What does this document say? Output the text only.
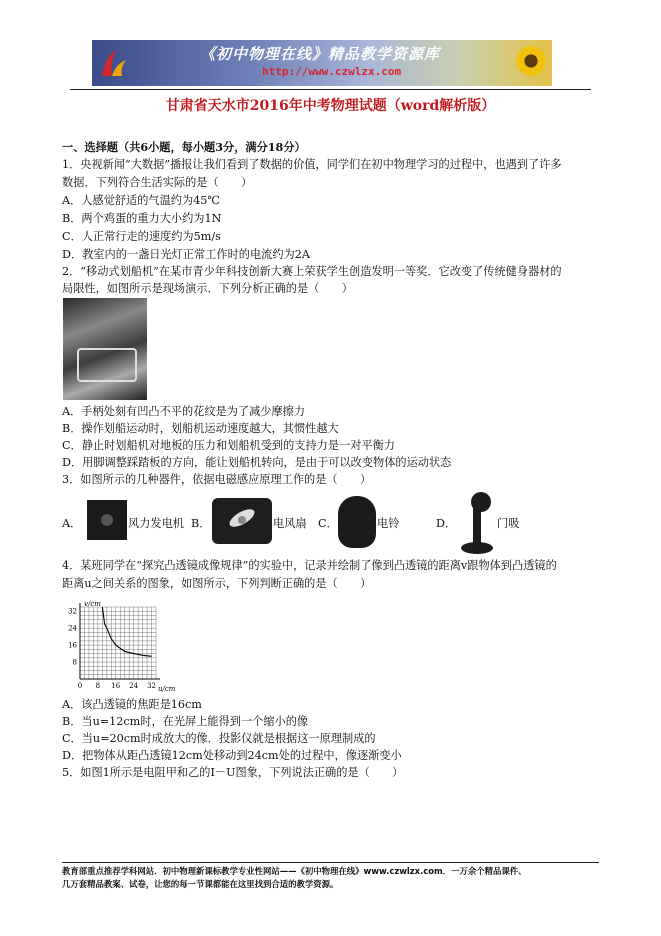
《初中物理在线》精品教学资源库
http://www.czwlzx.com
甘肃省天水市2016年中考物理试题（word解析版）
一、选择题（共6小题，每小题3分，满分18分）
1．央视新闻“大数据”播报让我们看到了数据的价值，同学们在初中物理学习的过程中，也遇到了许多
数据．下列符合生活实际的是（　　）
A．人感觉舒适的气温约为45℃
B．两个鸡蛋的重力大小约为1N
C．人正常行走的速度约为5m/s
D．教室内的一盏日光灯正常工作时的电流约为2A
2．“移动式划船机”在某市青少年科技创新大赛上荣获学生创造发明一等奖．它改变了传统健身器材的
局限性，如图所示是现场演示．下列分析正确的是（　　）
A．手柄处刻有凹凸不平的花纹是为了减少摩擦力
B．操作划船运动时，划船机运动速度越大，其惯性越大
C．静止时划船机对地板的压力和划船机受到的支持力是一对平衡力
D．用脚调整踩踏板的方向，能让划船机转向，是由于可以改变物体的运动状态
3．如图所示的几种器件，依据电磁感应原理工作的是（　　）
A．	风力发电机 B．	电风扇 C．	电铃	D．	门吸
4．某班同学在“探究凸透镜成像规律”的实验中，记录并绘制了像到凸透镜的距离v跟物体到凸透镜的
距离u之间关系的图象，如图所示，下列判断正确的是（　　）
0 8 16 24 32
32
24
16
8
u/cm
v/cm
A．该凸透镜的焦距是16cm
B．当u=12cm时，在光屏上能得到一个缩小的像
C．当u=20cm时成放大的像．投影仪就是根据这一原理制成的
D．把物体从距凸透镜12cm处移动到24cm处的过程中，像逐渐变小
5．如图1所示是电阻甲和乙的I－U图象，下列说法正确的是（　　）
教育部重点推荐学科网站．初中物理新课标教学专业性网站——《初中物理在线》www.czwlzx.com．一万余个精品课件、
几万套精品教案、试卷，让您的每一节课都能在这里找到合适的教学资源。
